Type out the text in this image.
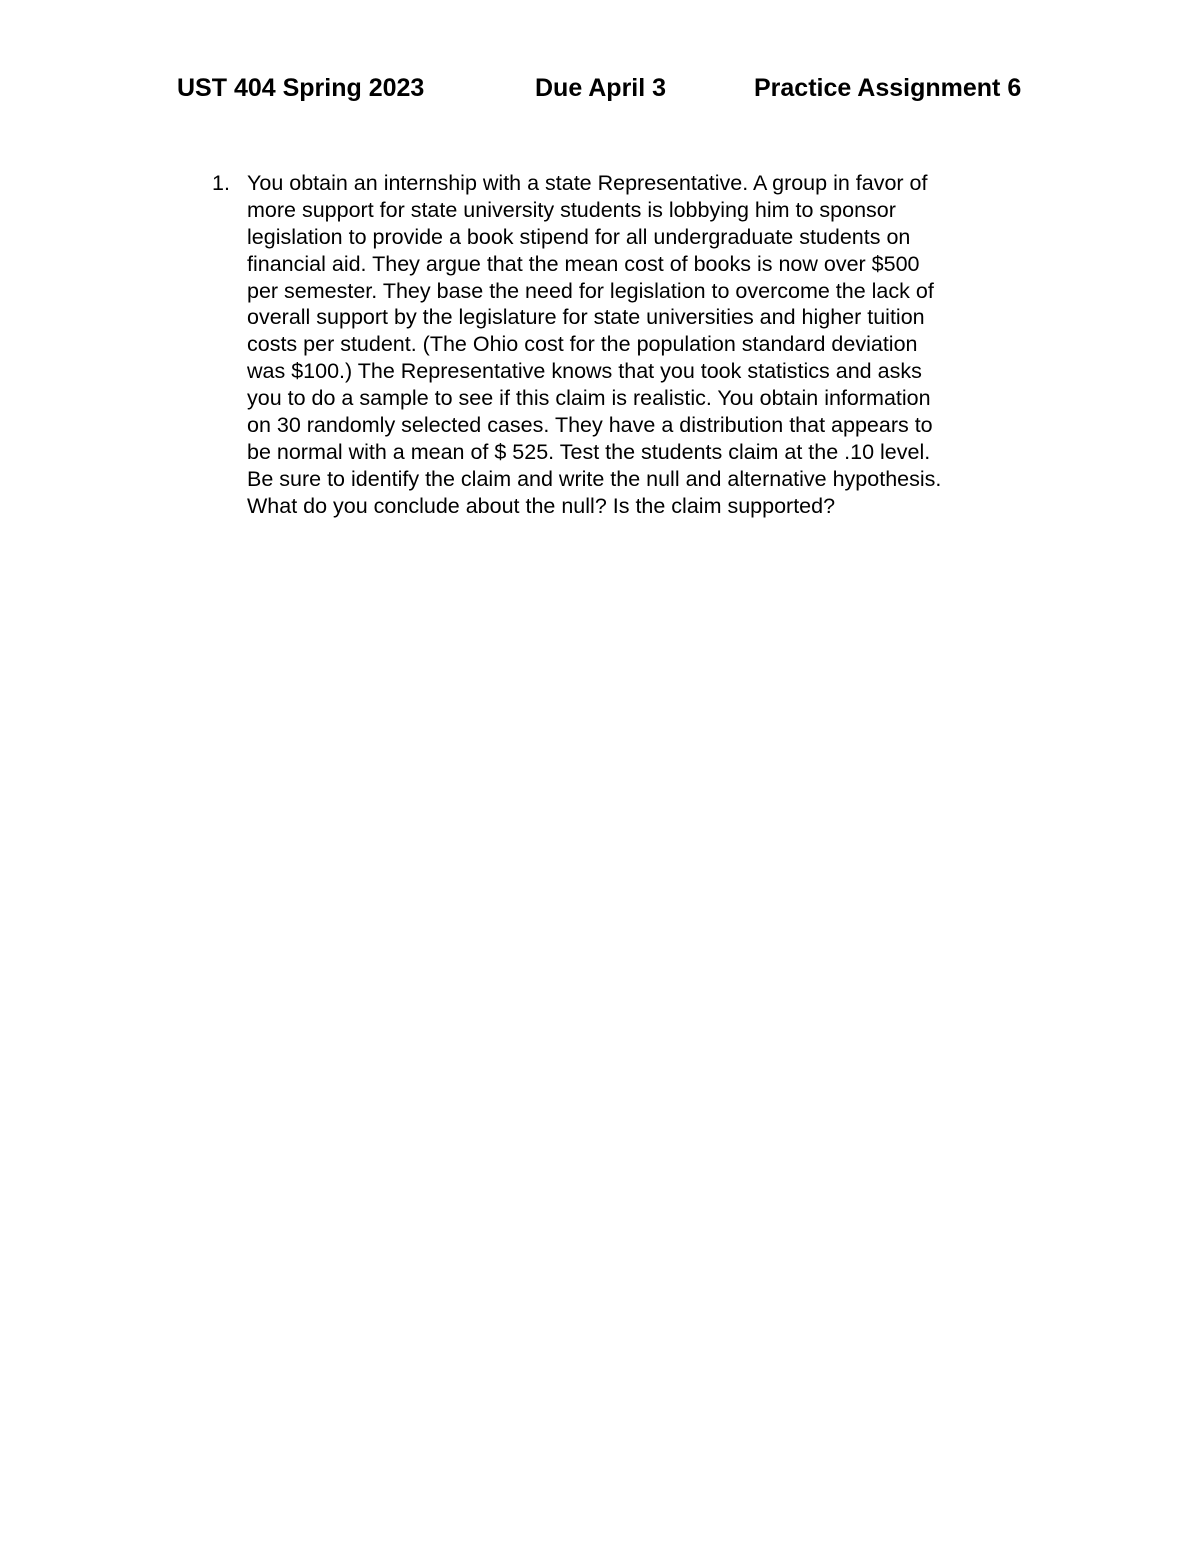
UST 404 Spring 2023	Due April 3	Practice Assignment 6
1. You obtain an internship with a state Representative. A group in favor of
more support for state university students is lobbying him to sponsor
legislation to provide a book stipend for all undergraduate students on
financial aid. They argue that the mean cost of books is now over $500
per semester. They base the need for legislation to overcome the lack of
overall support by the legislature for state universities and higher tuition
costs per student. (The Ohio cost for the population standard deviation
was $100.) The Representative knows that you took statistics and asks
you to do a sample to see if this claim is realistic. You obtain information
on 30 randomly selected cases. They have a distribution that appears to
be normal with a mean of $ 525. Test the students claim at the .10 level.
Be sure to identify the claim and write the null and alternative hypothesis.
What do you conclude about the null? Is the claim supported?
